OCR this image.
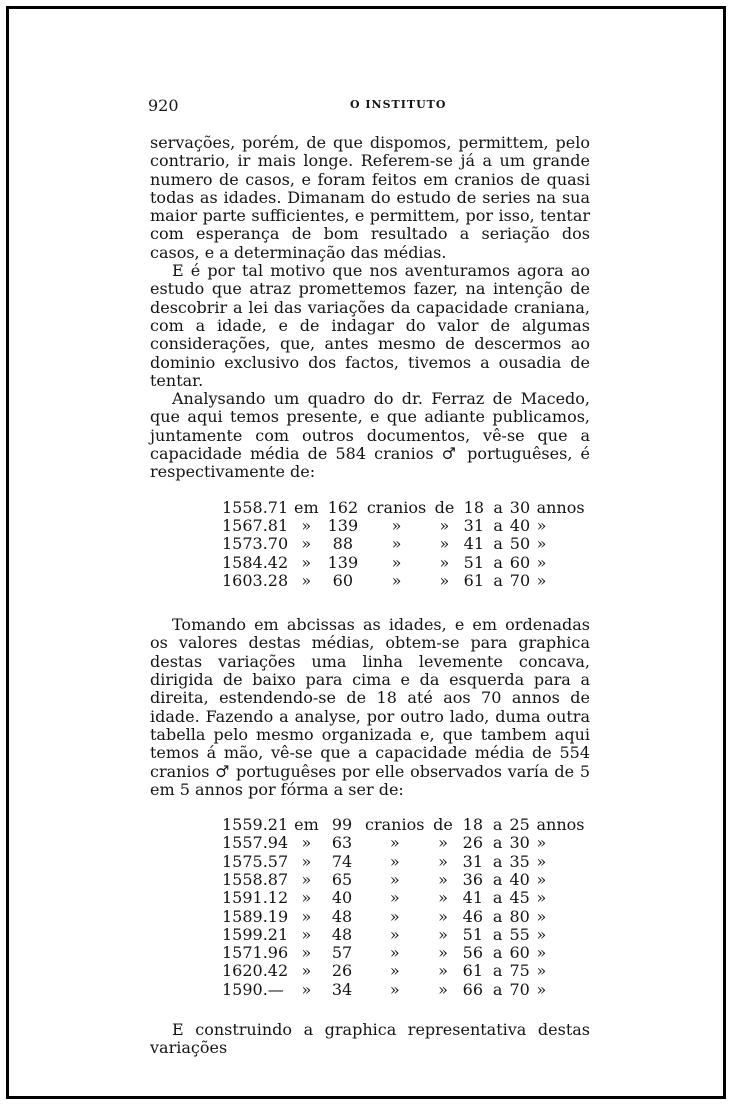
920	O INSTITUTO

servações, porém, de que dispomos, permittem, pelo contrario, ir mais longe. Referem-se já a um grande numero de casos, e foram feitos em cranios de quasi todas as idades. Dimanam do estudo de series na sua maior parte sufficientes, e permittem, por isso, tentar com esperança de bom resultado a seriação dos casos, e a determinação das médias.

E é por tal motivo que nos aventuramos agora ao estudo que atraz promettemos fazer, na intenção de descobrir a lei das variações da capacidade craniana, com a idade, e de indagar do valor de algumas considerações, que, antes mesmo de descermos ao dominio exclusivo dos factos, tivemos a ousadia de tentar.

Analysando um quadro do dr. Ferraz de Macedo, que aqui temos presente, e que adiante publicamos, juntamente com outros documentos, vê-se que a capacidade média de 584 cranios ♂ portuguêses, é respectivamente de:

1558.71	em	162	cranios	de	18	a	30	annos
1567.81	»	139	»	»	31	a	40	»
1573.70	»	88	»	»	41	a	50	»
1584.42	»	139	»	»	51	a	60	»
1603.28	»	60	»	»	61	a	70	»

Tomando em abcissas as idades, e em ordenadas os valores destas médias, obtem-se para graphica destas variações uma linha levemente concava, dirigida de baixo para cima e da esquerda para a direita, estendendo-se de 18 até aos 70 annos de idade. Fazendo a analyse, por outro lado, duma outra tabella pelo mesmo organizada e, que tambem aqui temos á mão, vê-se que a capacidade média de 554 cranios ♂ portuguêses por elle observados varía de 5 em 5 annos por fórma a ser de:

1559.21	em	99	cranios	de	18	a	25	annos
1557.94	»	63	»	»	26	a	30	»
1575.57	»	74	»	»	31	a	35	»
1558.87	»	65	»	»	36	a	40	»
1591.12	»	40	»	»	41	a	45	»
1589.19	»	48	»	»	46	a	80	»
1599.21	»	48	»	»	51	a	55	»
1571.96	»	57	»	»	56	a	60	»
1620.42	»	26	»	»	61	a	75	»
1590.—	»	34	»	»	66	a	70	»

E construindo a graphica representativa destas variações
